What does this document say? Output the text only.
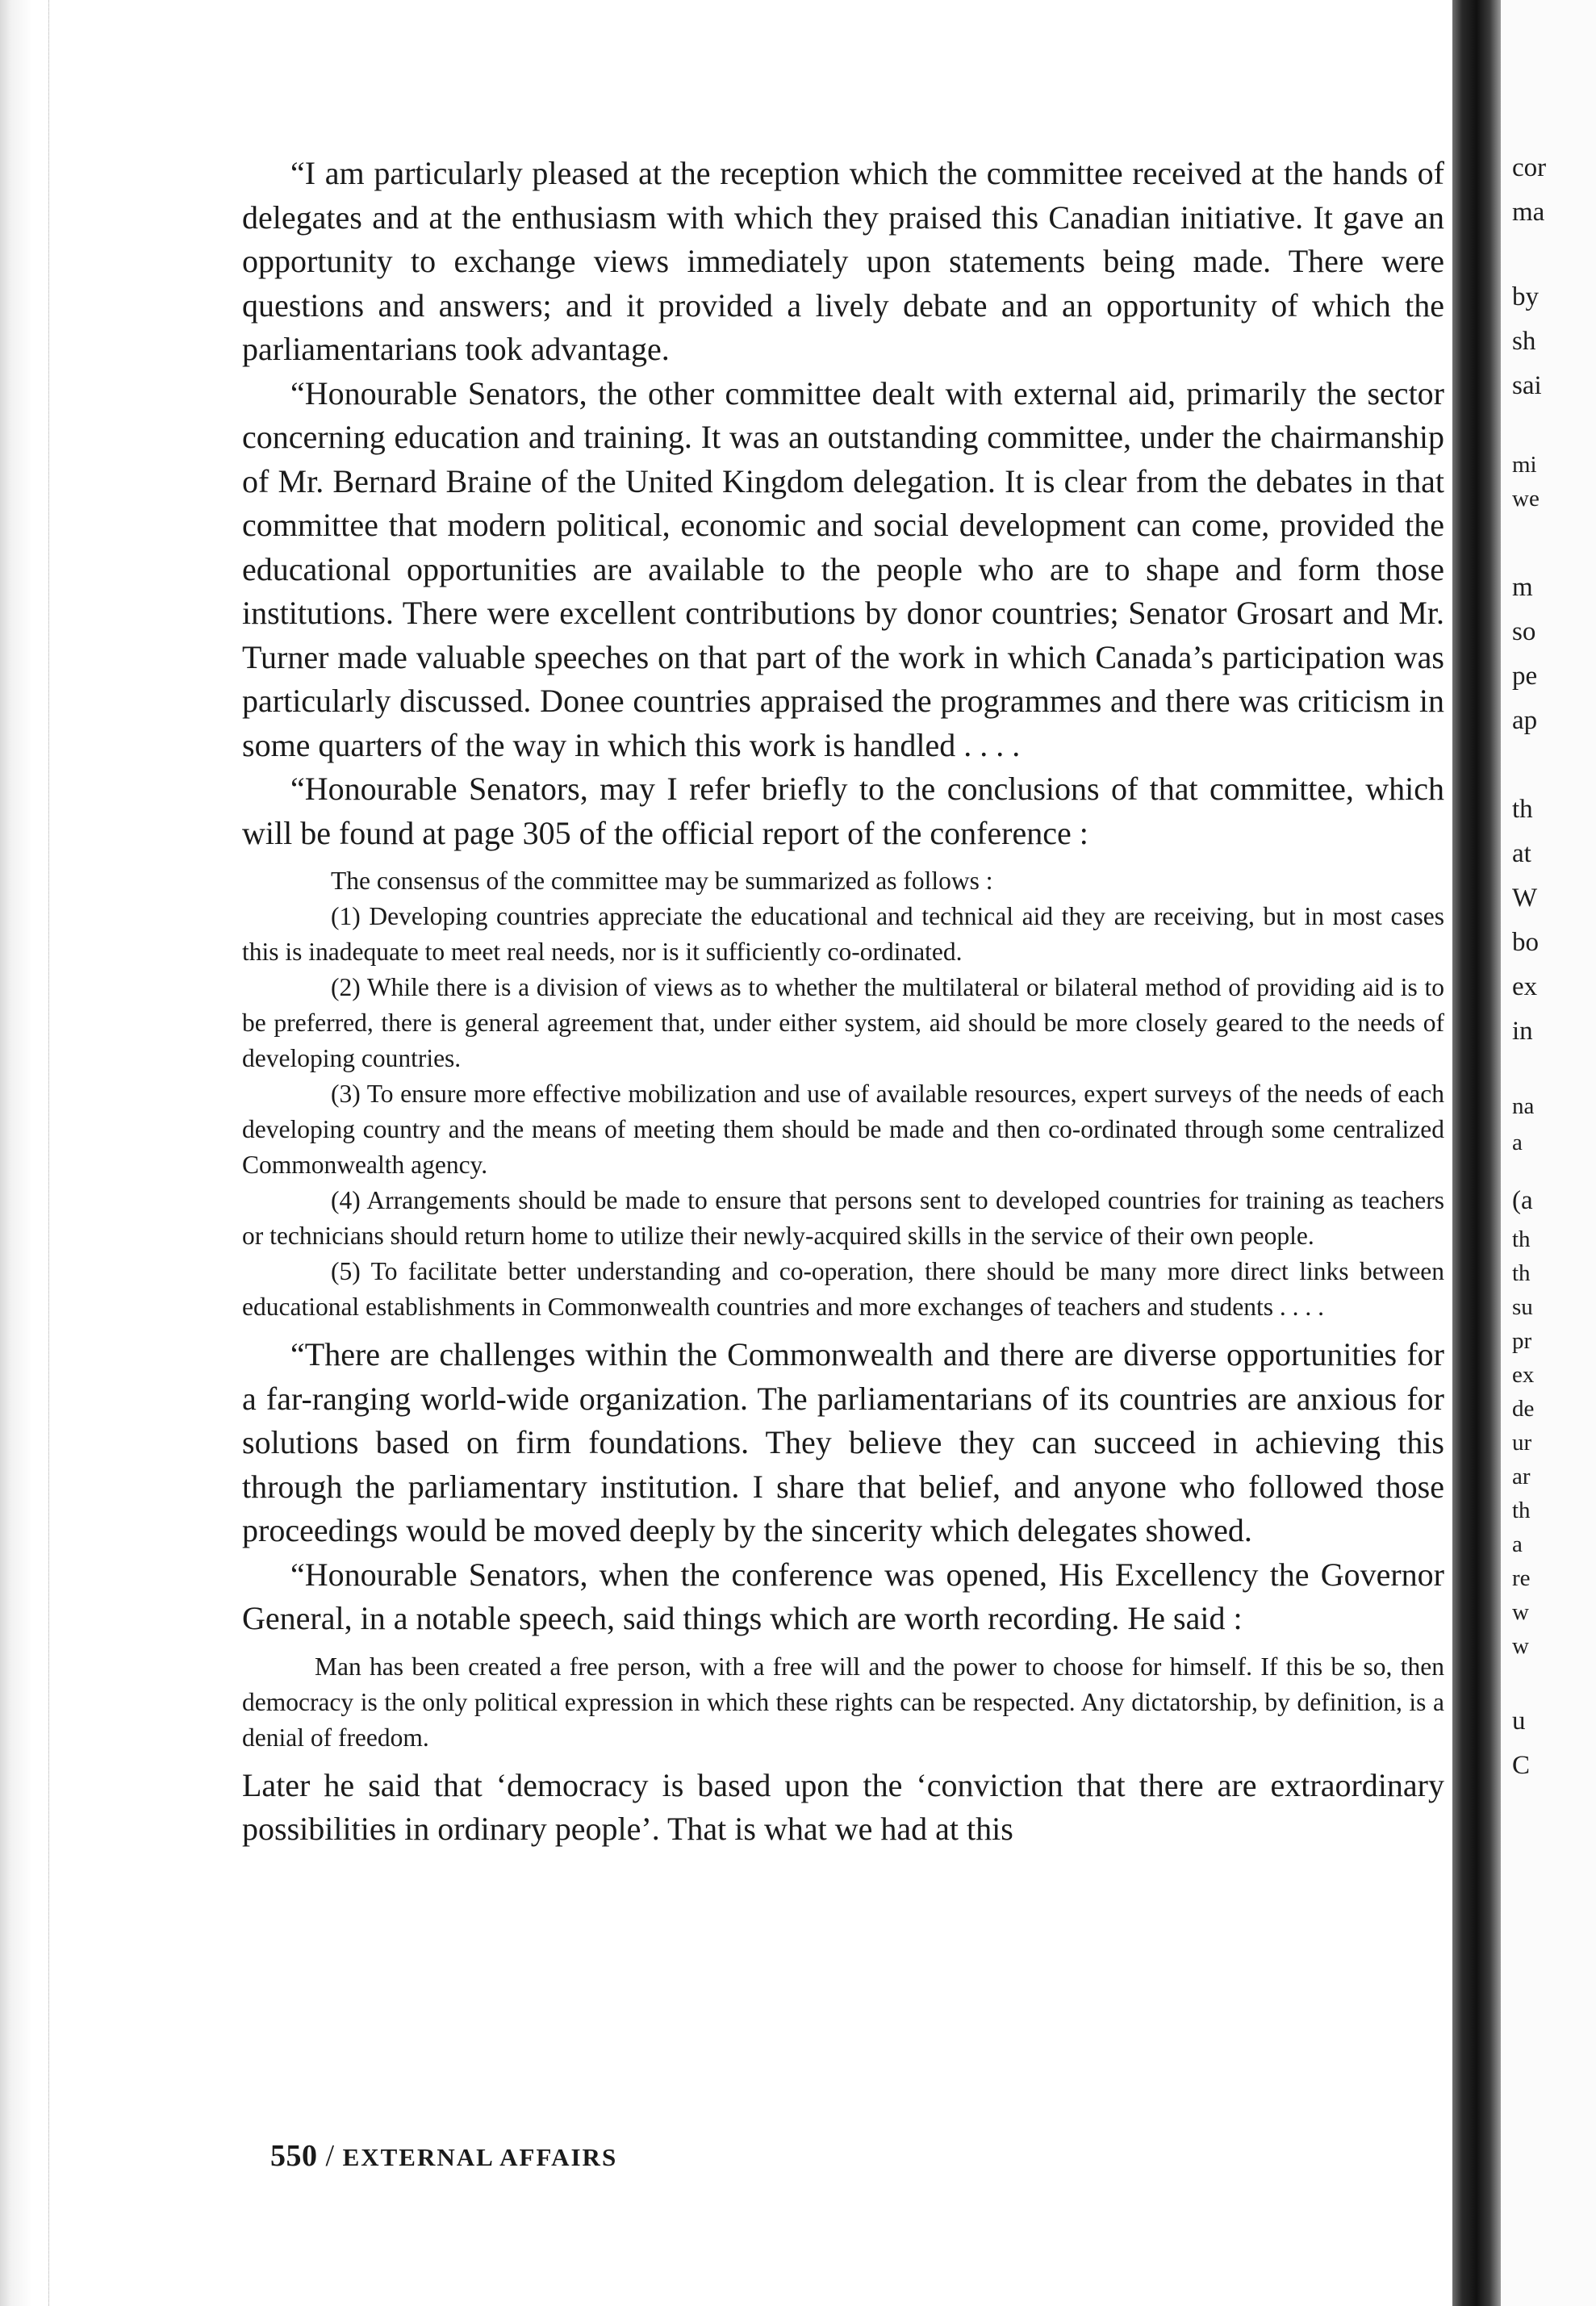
“I am particularly pleased at the reception which the committee received at the hands of delegates and at the enthusiasm with which they praised this Canadian initiative. It gave an opportunity to exchange views immediately upon statements being made. There were questions and answers; and it provided a lively debate and an opportunity of which the parliamentarians took advantage.

“Honourable Senators, the other committee dealt with external aid, primarily the sector concerning education and training. It was an outstanding committee, under the chairmanship of Mr. Bernard Braine of the United Kingdom delegation. It is clear from the debates in that committee that modern political, economic and social development can come, provided the educational opportunities are available to the people who are to shape and form those institutions. There were excellent contributions by donor countries; Senator Grosart and Mr. Turner made valuable speeches on that part of the work in which Canada’s participation was particularly discussed. Donee countries appraised the programmes and there was criticism in some quarters of the way in which this work is handled . . . .

“Honourable Senators, may I refer briefly to the conclusions of that committee, which will be found at page 305 of the official report of the conference :

The consensus of the committee may be summarized as follows :

(1) Developing countries appreciate the educational and technical aid they are receiving, but in most cases this is inadequate to meet real needs, nor is it sufficiently co-ordinated.

(2) While there is a division of views as to whether the multilateral or bilateral method of providing aid is to be preferred, there is general agreement that, under either system, aid should be more closely geared to the needs of developing countries.

(3) To ensure more effective mobilization and use of available resources, expert surveys of the needs of each developing country and the means of meeting them should be made and then co-ordinated through some centralized Commonwealth agency.

(4) Arrangements should be made to ensure that persons sent to developed countries for training as teachers or technicians should return home to utilize their newly-acquired skills in the service of their own people.

(5) To facilitate better understanding and co-operation, there should be many more direct links between educational establishments in Commonwealth countries and more exchanges of teachers and students . . . .

“There are challenges within the Commonwealth and there are diverse opportunities for a far-ranging world-wide organization. The parliamentarians of its countries are anxious for solutions based on firm foundations. They believe they can succeed in achieving this through the parliamentary institution. I share that belief, and anyone who followed those proceedings would be moved deeply by the sincerity which delegates showed.

“Honourable Senators, when the conference was opened, His Excellency the Governor General, in a notable speech, said things which are worth recording. He said :

Man has been created a free person, with a free will and the power to choose for himself. If this be so, then democracy is the only political expression in which these rights can be respected. Any dictatorship, by definition, is a denial of freedom.

Later he said that ‘democracy is based upon the ‘conviction that there are extraordinary possibilities in ordinary people’. That is what we had at this

550 / EXTERNAL AFFAIRS
cor
ma
by
sh
sai
mi
we
m
so
pe
ap
th
at
W
bo
ex
in
na
a
(a
th
th
su
pr
ex
de
ur
ar
th
a
re
w
w
u
C
